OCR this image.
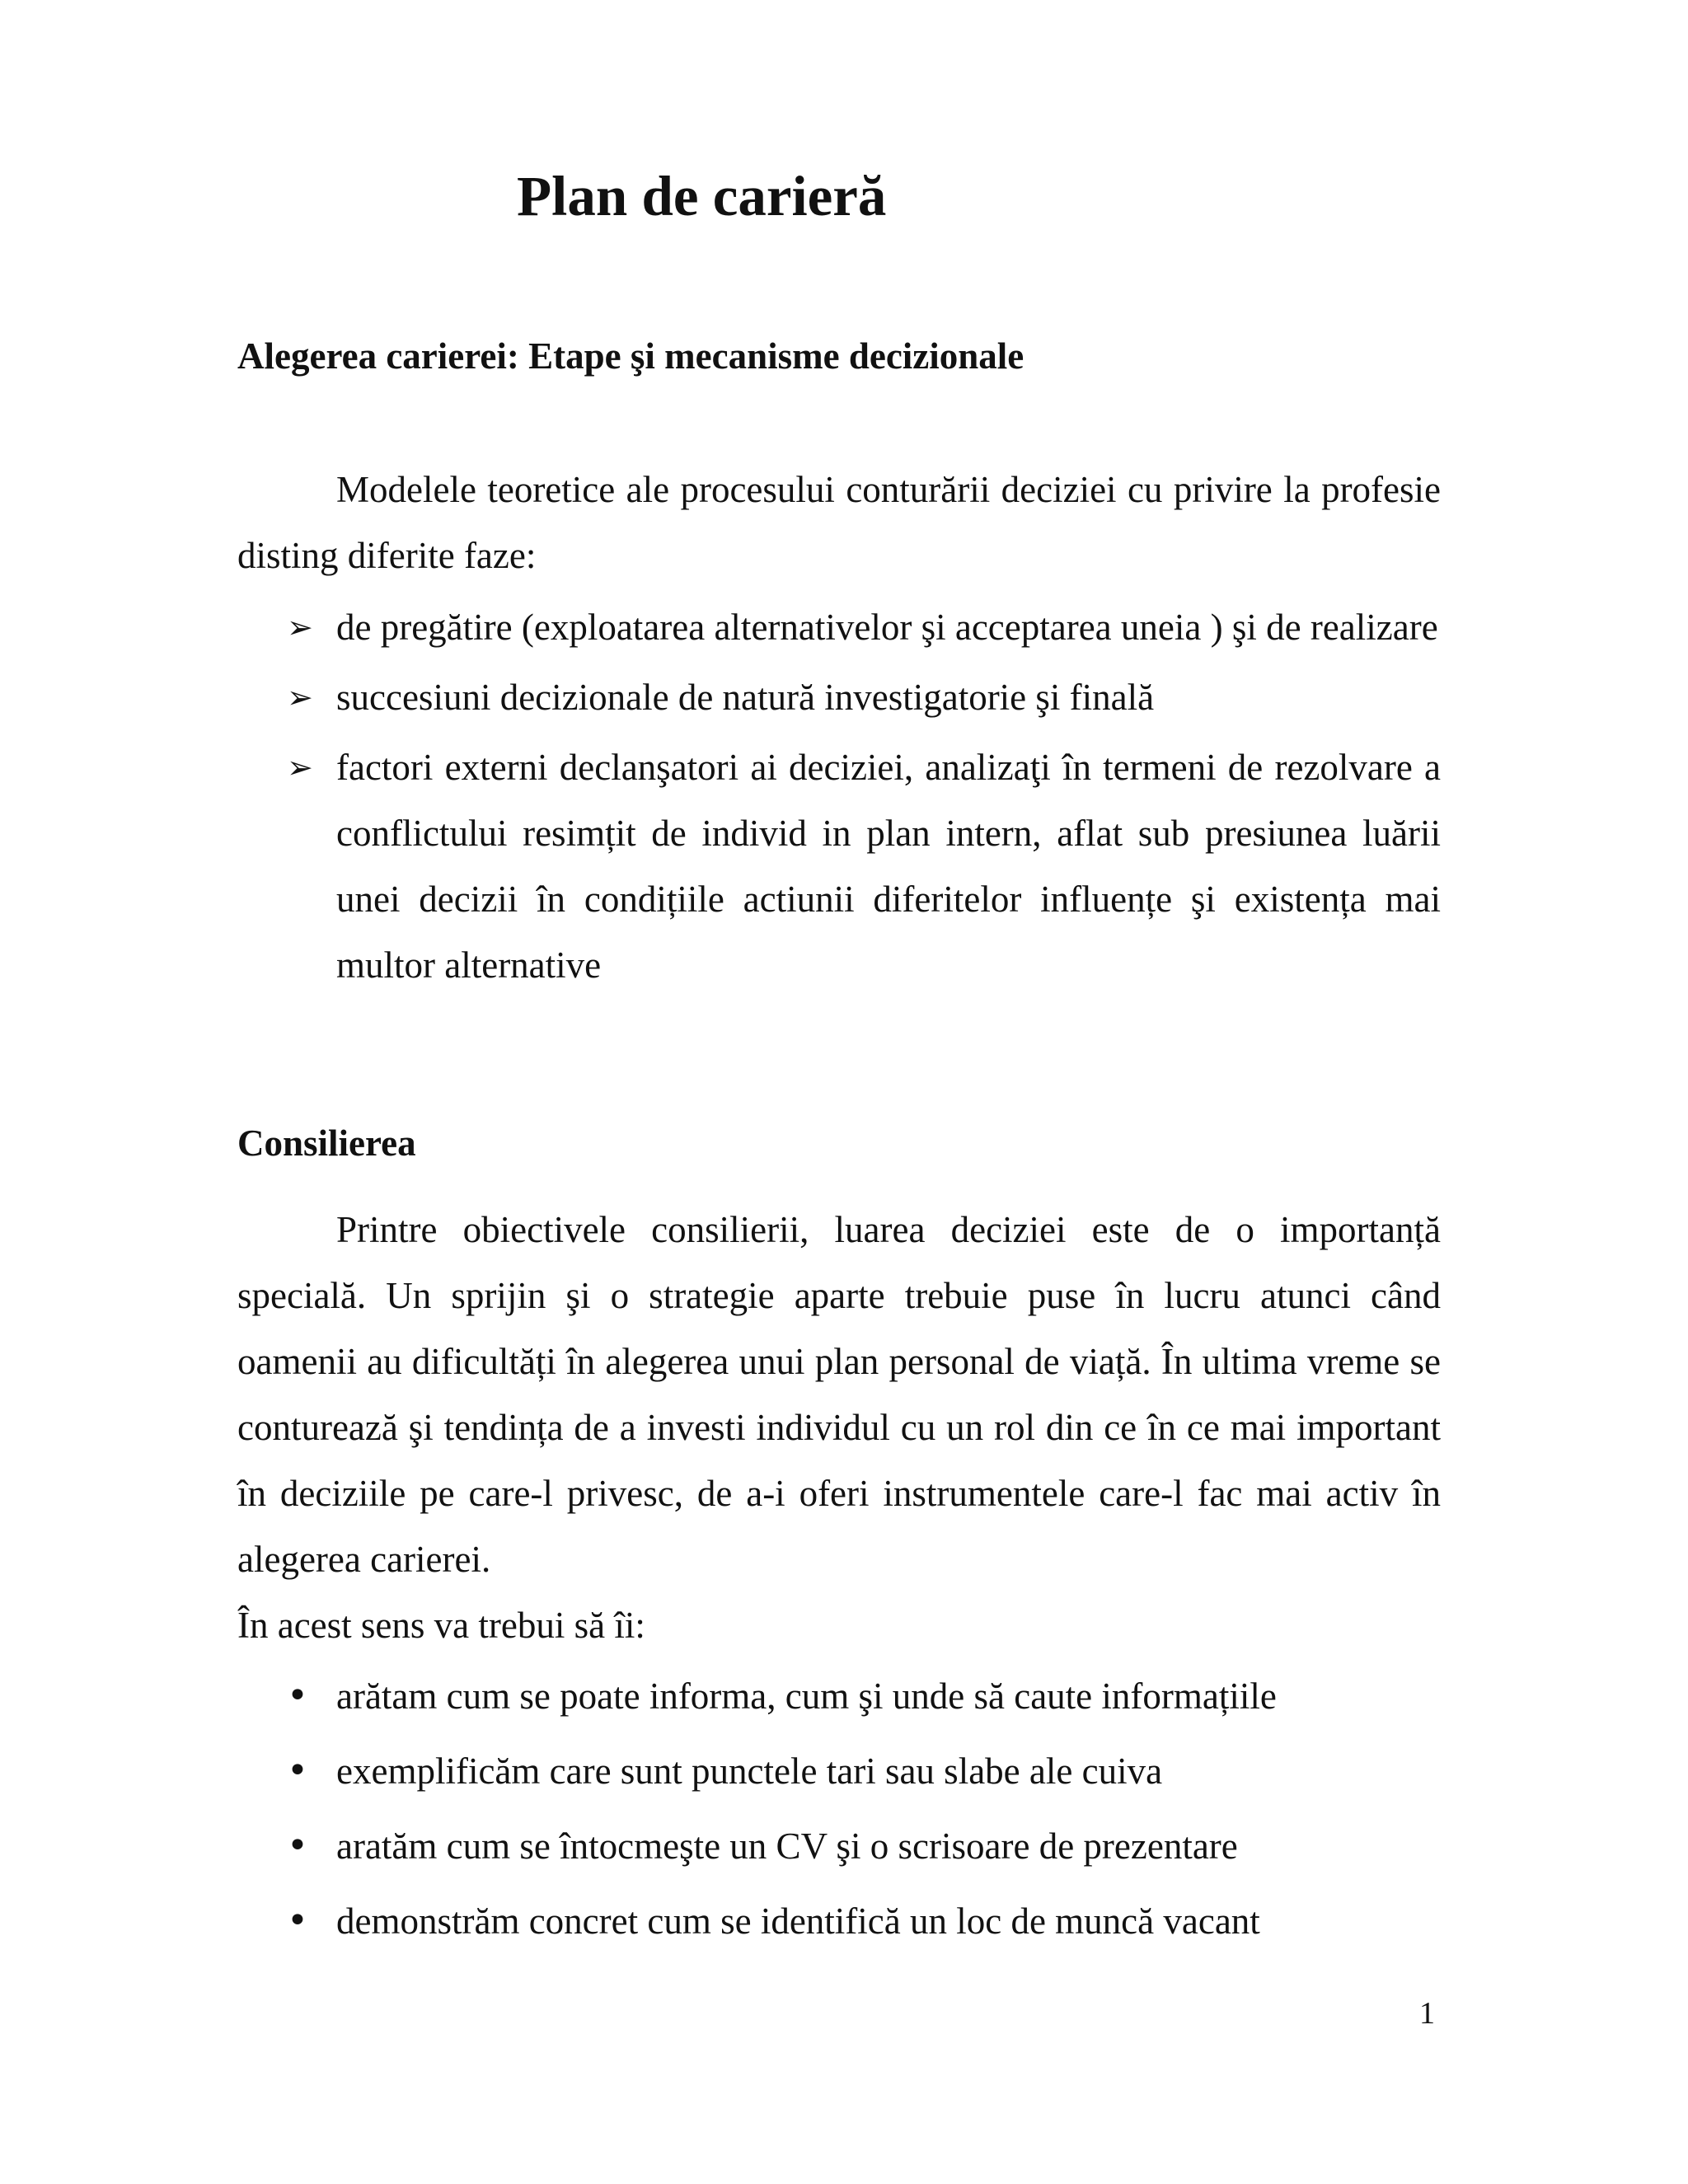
Plan de carieră
Alegerea carierei: Etape şi mecanisme decizionale

Modelele teoretice ale procesului conturării deciziei cu privire la profesie disting diferite faze:

➢ de pregătire (exploatarea alternativelor şi acceptarea uneia ) şi de realizare
➢ succesiuni decizionale de natură investigatorie şi finală
➢ factori externi declanşatori ai deciziei, analizaţi în termeni de rezolvare a conflictului resimțit de individ in plan intern, aflat sub presiunea luării unei decizii în condițiile actiunii diferitelor influențe şi existența mai multor alternative
Consilierea

Printre obiectivele consilierii, luarea deciziei este de o importanță specială. Un sprijin şi o strategie aparte trebuie puse în lucru atunci când oamenii au dificultăți în alegerea unui plan personal de viață. În ultima vreme se conturează şi tendința de a investi individul cu un rol din ce în ce mai important în deciziile pe care-l privesc, de a-i oferi instrumentele care-l fac mai activ în alegerea carierei.

În acest sens va trebui să îi:

• arătam cum se poate informa, cum şi unde să caute informațiile
• exemplificăm care sunt punctele tari sau slabe ale cuiva
• aratăm cum se întocmeşte un CV şi o scrisoare de prezentare
• demonstrăm concret cum se identifică un loc de muncă vacant
1
